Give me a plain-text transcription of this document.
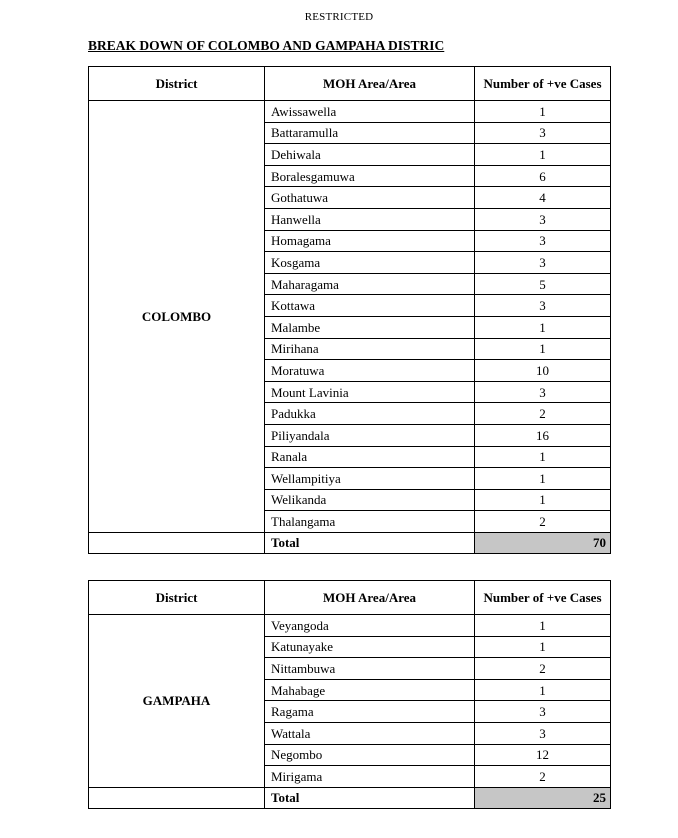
RESTRICTED
BREAK DOWN OF COLOMBO AND GAMPAHA DISTRIC
District	MOH Area/Area	Number of +ve Cases
COLOMBO	Awissawella	1
	Battaramulla	3
	Dehiwala	1
	Boralesgamuwa	6
	Gothatuwa	4
	Hanwella	3
	Homagama	3
	Kosgama	3
	Maharagama	5
	Kottawa	3
	Malambe	1
	Mirihana	1
	Moratuwa	10
	Mount Lavinia	3
	Padukka	2
	Piliyandala	16
	Ranala	1
	Wellampitiya	1
	Welikanda	1
	Thalangama	2
	Total	70
District	MOH Area/Area	Number of +ve Cases
GAMPAHA	Veyangoda	1
	Katunayake	1
	Nittambuwa	2
	Mahabage	1
	Ragama	3
	Wattala	3
	Negombo	12
	Mirigama	2
	Total	25
